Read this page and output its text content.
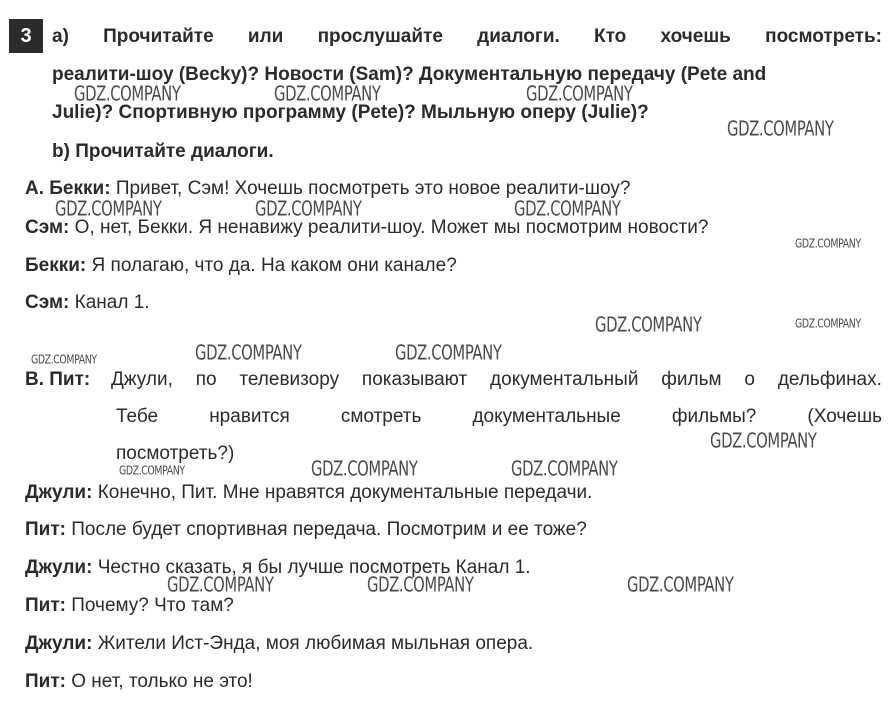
3	a) Прочитайте или прослушайте диалоги. Кто хочешь посмотреть:
реалити-шоу (Becky)? Новости (Sam)? Документальную передачу (Pete and
Julie)? Спортивную программу (Pete)? Мыльную оперу (Julie)?
b) Прочитайте диалоги.
А. Бекки: Привет, Сэм! Хочешь посмотреть это новое реалити-шоу?
Сэм: О, нет, Бекки. Я ненавижу реалити-шоу. Может мы посмотрим новости?
Бекки: Я полагаю, что да. На каком они канале?
Сэм: Канал 1.
В. Пит: Джули, по телевизору показывают документальный фильм о дельфинах.
Тебе	нравится	смотреть	документальные	фильмы?	(Хочешь
посмотреть?)
Джули: Конечно, Пит. Мне нравятся документальные передачи.
Пит: После будет спортивная передача. Посмотрим и ее тоже?
Джули: Честно сказать, я бы лучше посмотреть Канал 1.
Пит: Почему? Что там?
Джули: Жители Ист-Энда, моя любимая мыльная опера.
Пит: О нет, только не это!
GDZ.COMPANY	GDZ.COMPANY	GDZ.COMPANY
GDZ.COMPANY
GDZ.COMPANY	GDZ.COMPANY	GDZ.COMPANY
GDZ.COMPANY
GDZ.COMPANY	GDZ.COMPANY
GDZ.COMPANY	GDZ.COMPANY	GDZ.COMPANY
GDZ.COMPANY
GDZ.COMPANY	GDZ.COMPANY	GDZ.COMPANY
GDZ.COMPANY	GDZ.COMPANY	GDZ.COMPANY
